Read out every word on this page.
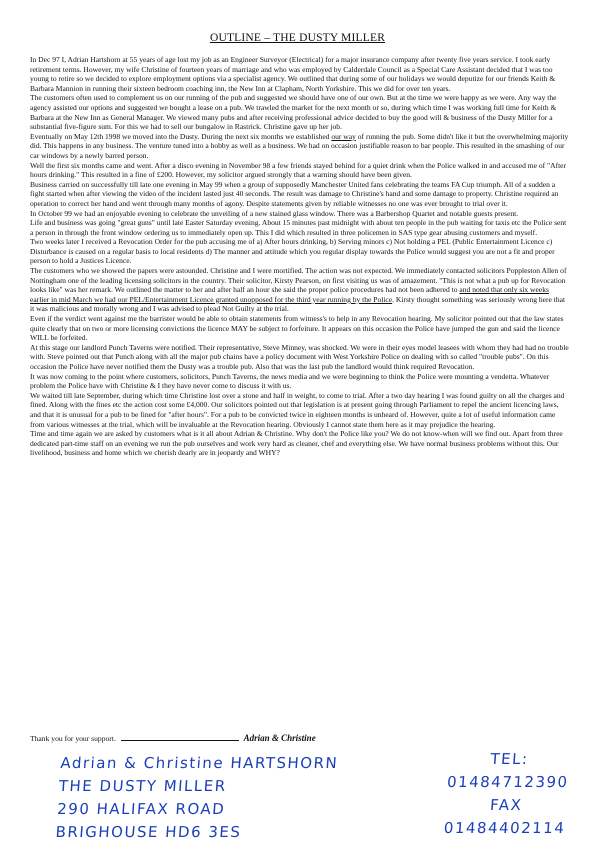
OUTLINE – THE DUSTY MILLER

In Dec 97 I, Adrian Hartshorn at 55 years of age lost my job as an Engineer Surveyor (Electrical) for a major insurance company after twenty five years service. I took early retirement terms. However, my wife Christine of fourteen years of marriage and who was employed by Calderdale Council as a Special Care Assistant decided that I was too young to retire so we decided to explore employment options via a specialist agency. We outlined that during some of our holidays we would deputize for our friends Keith & Barbara Mannion in running their sixteen bedroom coaching inn, the New Inn at Clapham, North Yorkshire. This we did for over ten years.

The customers often used to complement us on our running of the pub and suggested we should have one of our own. But at the time we were happy as we were. Any way the agency assisted our options and suggested we bought a lease on a pub. We trawled the market for the next month or so, during which time I was working full time for Keith & Barbara at the New Inn as General Manager. We viewed many pubs and after receiving professional advice decided to buy the good will & business of the Dusty Miller for a substantial five-figure sum. For this we had to sell our bungalow in Rastrick. Christine gave up her job.

Eventually on May 12th 1998 we moved into the Dusty. During the next six months we established our way of running the pub. Some didn't like it but the overwhelming majority did. This happens in any business. The venture tuned into a hobby as well as a business. We had on occasion justifiable reason to bar people. This resulted in the smashing of our car windows by a newly barred person.

Well the first six months came and went. After a disco evening in November 98 a few friends stayed behind for a quiet drink when the Police walked in and accused me of "After hours drinking." This resulted in a fine of £200. However, my solicitor argued strongly that a warning should have been given.

Business carried on successfully till late one evening in May 99 when a group of supposedly Manchester United fans celebrating the teams FA Cup triumph. All of a sudden a fight started when after viewing the video of the incident lasted just 40 seconds. The result was damage to Christine's hand and some damage to property. Christine required an operation to correct her hand and went through many months of agony. Despite statements given by reliable witnesses no one was ever brought to trial over it.

In October 99 we had an enjoyable evening to celebrate the unveiling of a new stained glass window. There was a Barbershop Quartet and notable guests present.

Life and business was going "great guns" until late Easter Saturday evening. About 15 minutes past midnight with about ten people in the pub waiting for taxis etc the Police sent a person in through the front window ordering us to immediately open up. This I did which resulted in three policemen in SAS type gear abusing customers and myself.

Two weeks later I received a Revocation Order for the pub accusing me of a) After hours drinking, b) Serving minors c) Not holding a PEL (Public Entertainment Licence c) Disturbance is caused on a regular basis to local residents d) The manner and attitude which you regular display towards the Police would suggest you are not a fit and proper person to hold a Justices Licence.

The customers who we showed the papers were astounded. Christine and I were mortified. The action was not expected. We immediately contacted solicitors Poppleston Allen of Nottingham one of the leading licensing solicitors in the country. Their solicitor, Kirsty Pearson, on first visiting us was of amazement. "This is not what a pub up for Revocation looks like" was her remark. We outlined the matter to her and after half an hour she said the proper police procedures had not been adhered to and noted that only six weeks earlier in mid March we had our PEL/Entertainment Licence granted unopposed for the third year running by the Police. Kirsty thought something was seriously wrong here that it was malicious and morally wrong and I was advised to plead Not Guilty at the trial.

Even if the verdict went against me the barrister would be able to obtain statements from witness's to help in any Revocation hearing. My solicitor pointed out that the law states quite clearly that on two or more licensing convictions the licence MAY be subject to forfeiture. It appears on this occasion the Police have jumped the gun and said the licence WILL be forfeited.

At this stage our landlord Punch Taverns were notified. Their representative, Steve Minney, was shocked. We were in their eyes model leasees with whom they had had no trouble with. Steve pointed out that Punch along with all the major pub chains have a policy document with West Yorkshire Police on dealing with so called "trouble pubs". On this occasion the Police have never notified them the Dusty was a trouble pub. Also that was the last pub the landlord would think required Revocation.

It was now coming to the point where customers, solicitors, Punch Taverns, the news media and we were beginning to think the Police were mounting a vendetta. Whatever problem the Police have with Christine & I they have never come to discuss it with us.

We waited till late September, during which time Christine lost over a stone and half in weight, to come to trial. After a two day hearing I was found guilty on all the charges and fined. Along with the fines etc the action cost some £4,000. Our solicitors pointed out that legislation is at present going through Parliament to repel the ancient licencing laws, and that it is unusual for a pub to be fined for "after hours". For a pub to be convicted twice in eighteen months is unheard of. However, quite a lot of useful information came from various witnesses at the trial, which will be invaluable at the Revocation hearing. Obviously I cannot state them here as it may prejudice the hearing.

Time and time again we are asked by customers what is it all about Adrian & Christine. Why don't the Police like you? We do not know-when will we find out. Apart from three dedicated part-time staff on an evening we run the pub ourselves and work very hard as cleaner, chef and everything else. We have normal business problems without this. Our livelihood, business and home which we cherish dearly are in jeopardy and WHY?

Thank you for your support.	Adrian & Christine
Adrian & Christine HARTSHORN
THE DUSTY MILLER
290 HALIFAX ROAD
BRIGHOUSE HD6 3ES
TEL:
01484712390
FAX
01484402114
